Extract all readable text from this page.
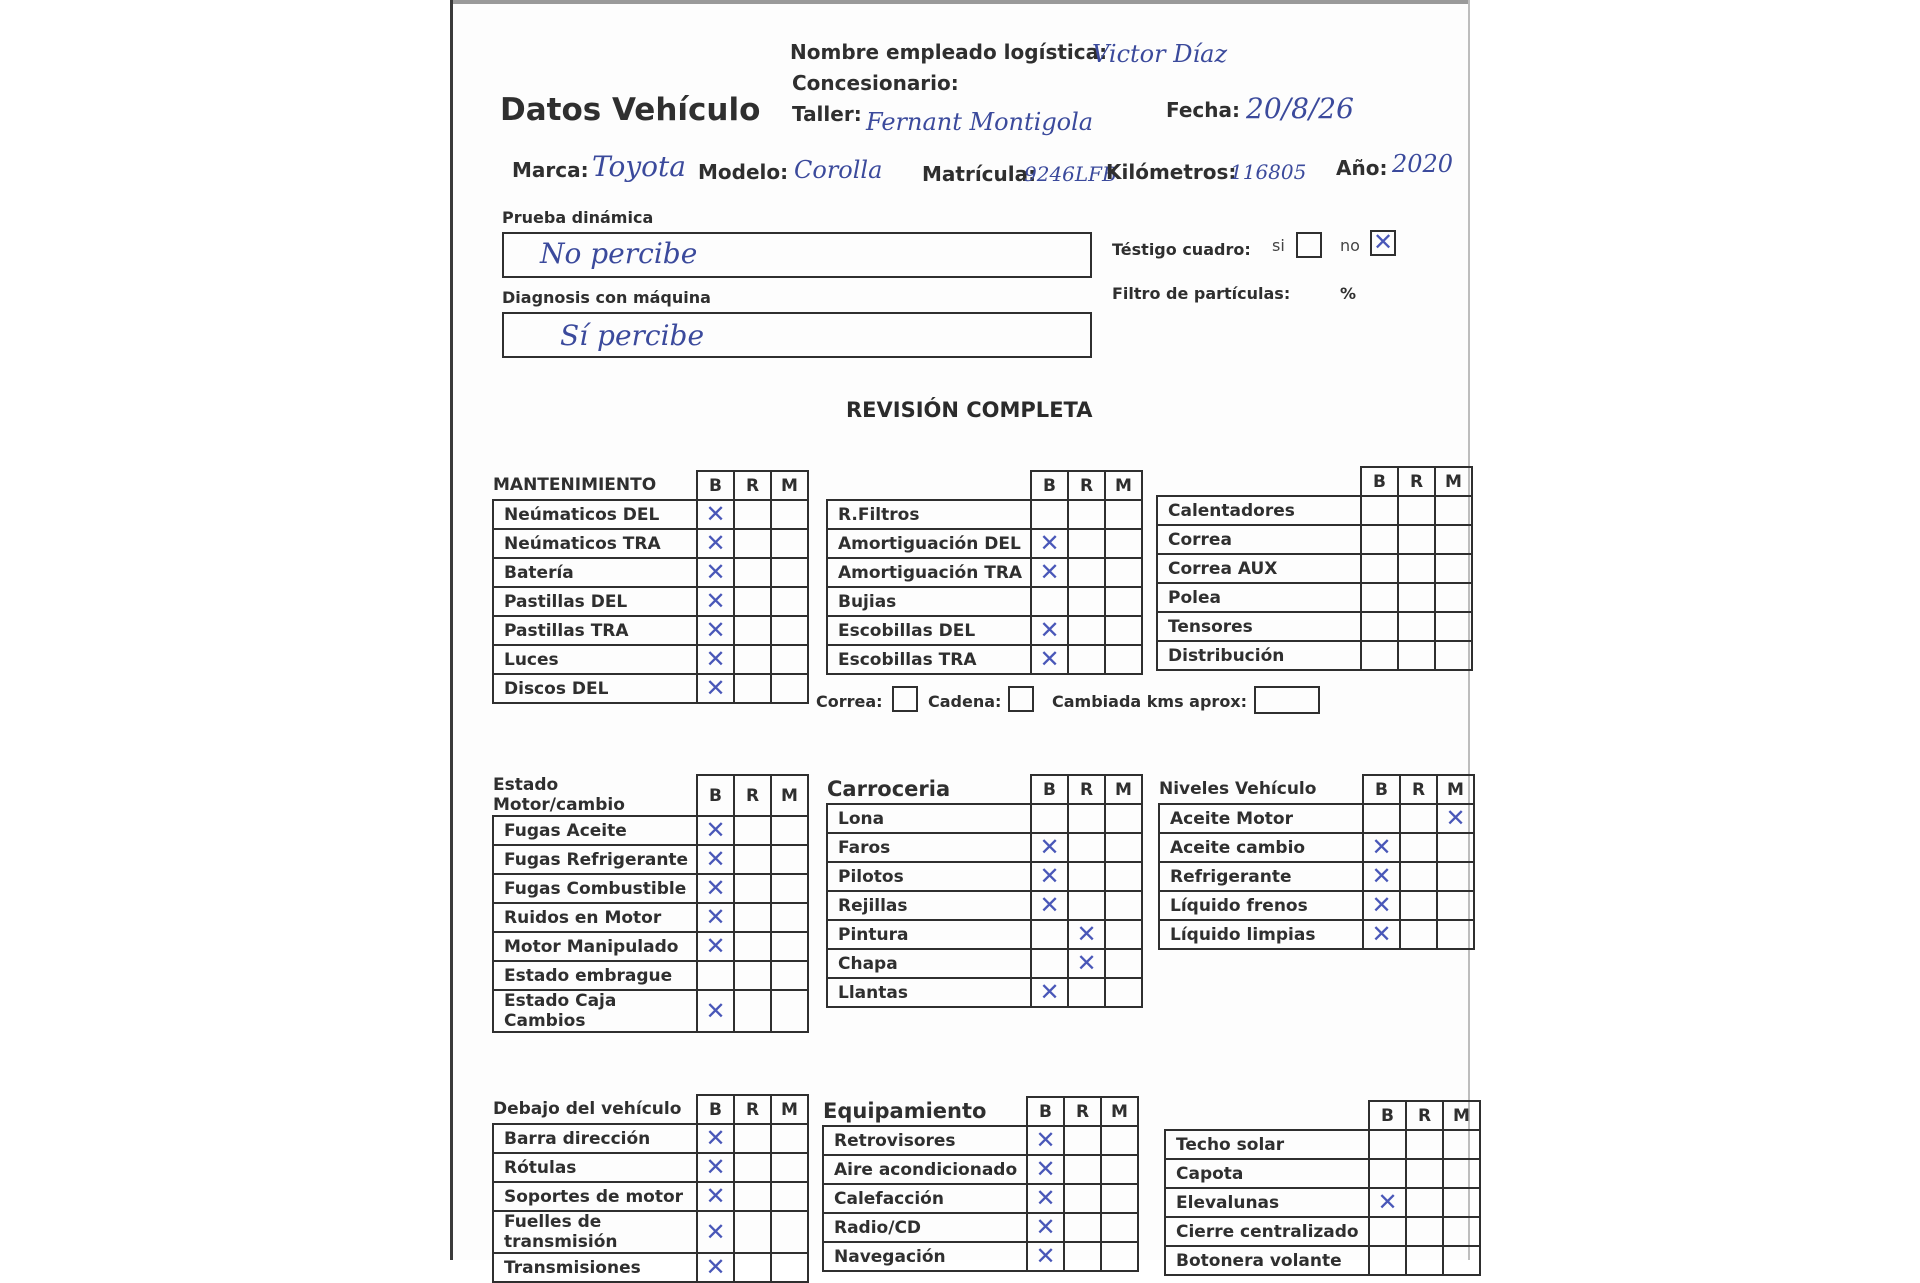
Datos Vehículo
Nombre empleado logística:
Victor Díaz
Concesionario:
Taller: Fernant Montigola	Fecha: 20/8/26
Marca: Toyota Modelo: Corolla Matrícula:
9246LFB
Kilómetros:
116805 Año: 2020
Prueba dinámica
No percibe
Diagnosis con máquina
Sí percibe
Téstigo cuadro: si	no ✕
Filtro de partículas:	%
REVISIÓN COMPLETA
MANTENIMIENTO	B	R	M
Neúmaticos DEL	✕		
Neúmaticos TRA	✕		
Batería	✕		
Pastillas DEL	✕		
Pastillas TRA	✕		
Luces	✕		
Discos DEL	✕		
	B	R	M
R.Filtros			
Amortiguación DEL	✕		
Amortiguación TRA	✕		
Bujias			
Escobillas DEL	✕		
Escobillas TRA	✕		
	B	R	M
Calentadores			
Correa			
Correa AUX			
Polea			
Tensores			
Distribución			
Correa:	Cadena:	Cambiada kms aprox:
Estado Motor/cambio	B	R	M
Fugas Aceite	✕		
Fugas Refrigerante	✕		
Fugas Combustible	✕		
Ruidos en Motor	✕		
Motor Manipulado	✕		
Estado embrague			
Estado Caja Cambios	✕		
Carroceria	B	R	M
Lona			
Faros	✕		
Pilotos	✕		
Rejillas	✕		
Pintura		✕	
Chapa		✕	
Llantas	✕		
Niveles Vehículo	B	R	M
Aceite Motor			✕
Aceite cambio	✕		
Refrigerante	✕		
Líquido frenos	✕		
Líquido limpias	✕		
Debajo del vehículo	B	R	M
Barra dirección	✕		
Rótulas	✕		
Soportes de motor	✕		
Fuelles de transmisión	✕		
Transmisiones	✕		
Equipamiento	B	R	M
Retrovisores	✕		
Aire acondicionado	✕		
Calefacción	✕		
Radio/CD	✕		
Navegación	✕		
	B	R	M
Techo solar			
Capota			
Elevalunas	✕		
Cierre centralizado			
Botonera volante			
